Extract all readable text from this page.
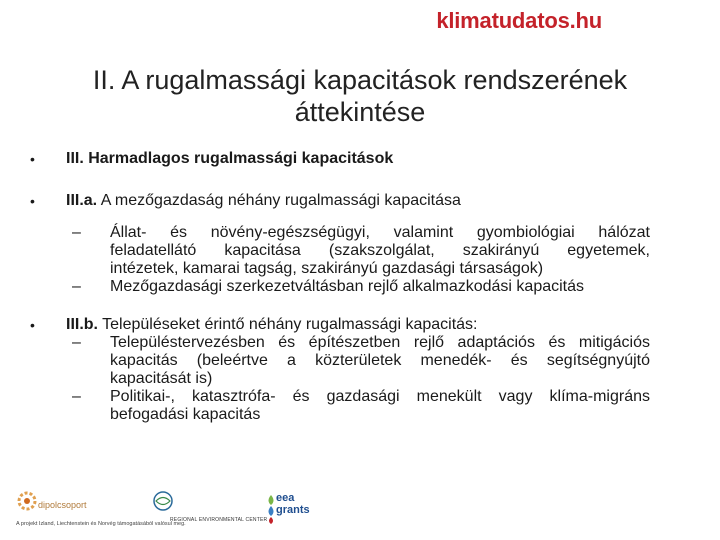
klimatudatos.hu
II. A rugalmassági kapacitások rendszerének
áttekintése
• III. Harmadlagos rugalmassági kapacitások
• III.a. A mezőgazdaság néhány rugalmassági kapacitása
– Állat- és növény-egészségügyi, valamint gyombiológiai hálózat
feladatellátó kapacitása (szakszolgálat, szakirányú egyetemek,
intézetek, kamarai tagság, szakirányú gazdasági társaságok)
– Mezőgazdasági szerkezetváltásban rejlő alkalmazkodási kapacitás
• III.b. Településeket érintő néhány rugalmassági kapacitás:
– Településtervezésben és építészetben rejlő adaptációs és mitigációs
kapacitás (beleértve a közterületek menedék- és segítségnyújtó
kapacitását is)
– Politikai-, katasztrófa- és gazdasági menekült vagy klíma-migráns
befogadási kapacitás
dipolcsoport
A projekt Izland, Liechtenstein és Norvég támogatásából valósul meg.
REGIONAL ENVIRONMENTAL CENTER
eea
grants
